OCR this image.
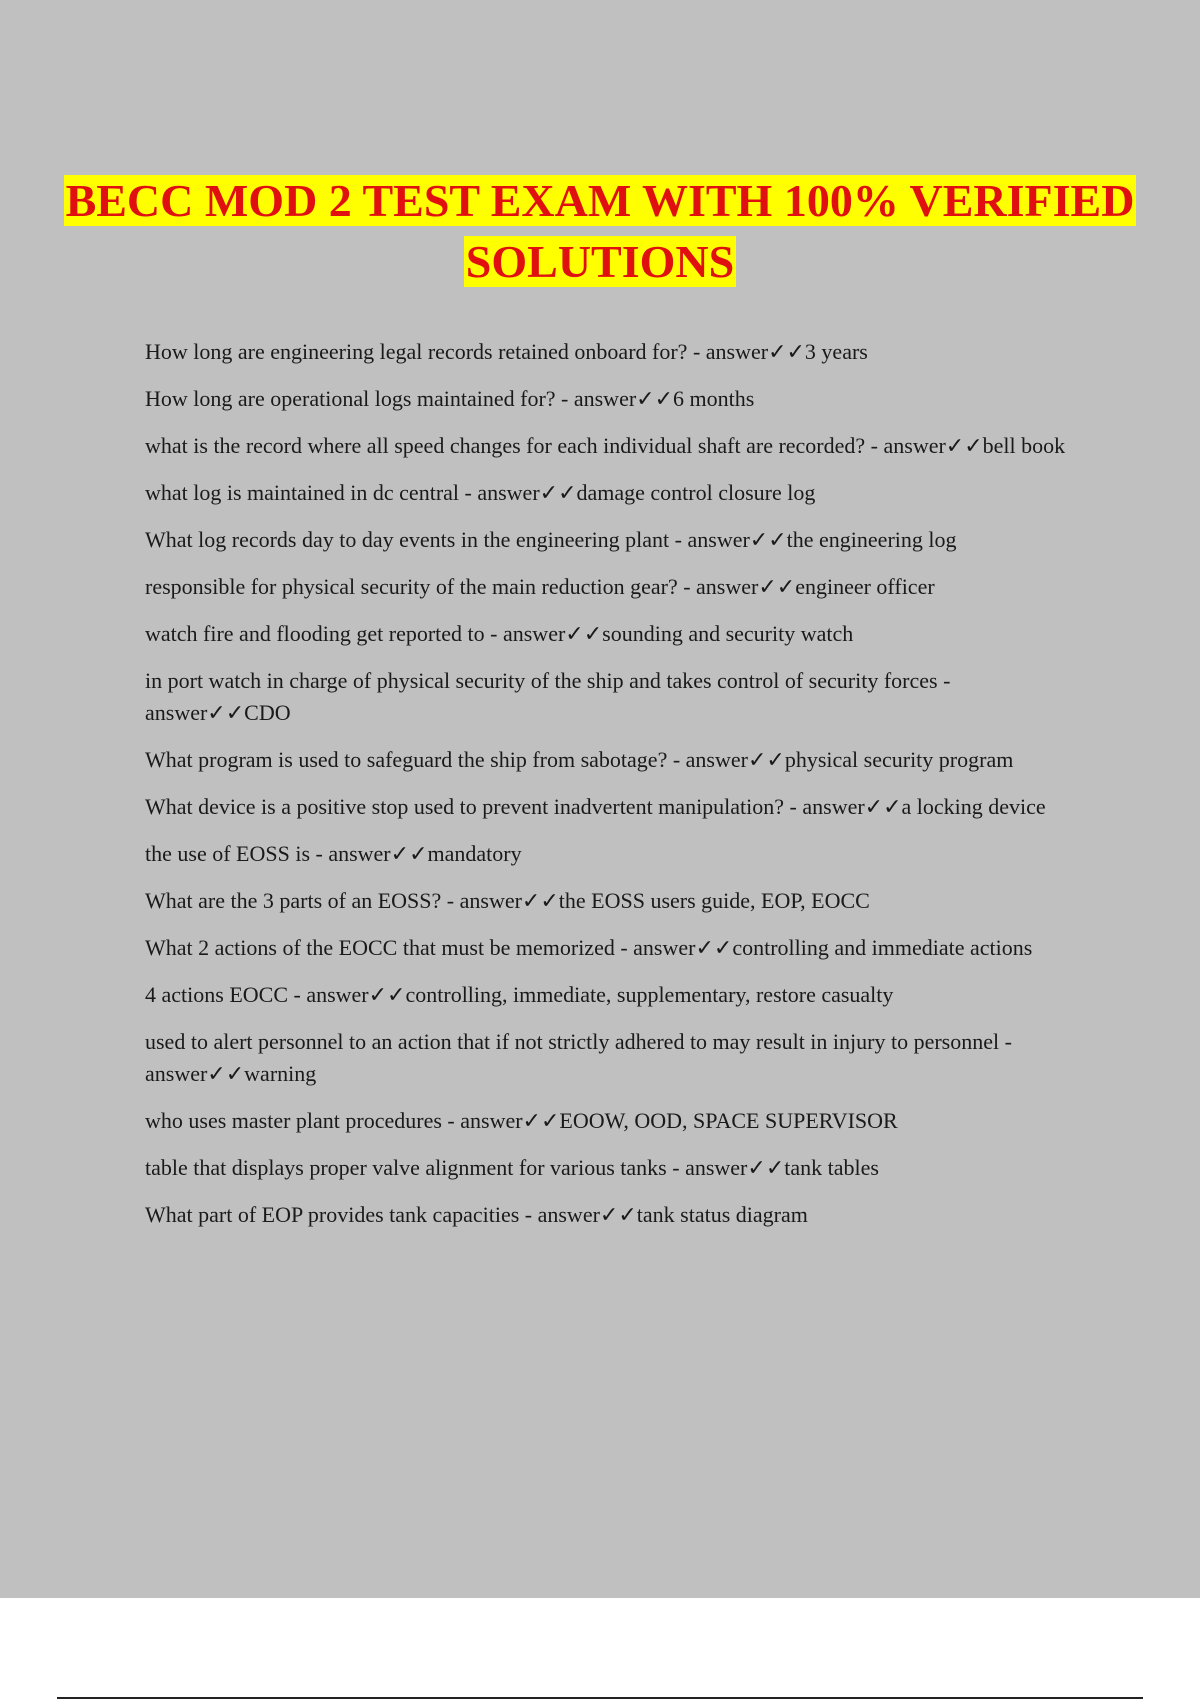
BECC MOD 2 TEST EXAM WITH 100% VERIFIED SOLUTIONS
How long are engineering legal records retained onboard for? - answer✓✓3 years
How long are operational logs maintained for? - answer✓✓6 months
what is the record where all speed changes for each individual shaft are recorded? - answer✓✓bell book
what log is maintained in dc central - answer✓✓damage control closure log
What log records day to day events in the engineering plant - answer✓✓the engineering log
responsible for physical security of the main reduction gear? - answer✓✓engineer officer
watch fire and flooding get reported to - answer✓✓sounding and security watch
in port watch in charge of physical security of the ship and takes control of security forces - answer✓✓CDO
What program is used to safeguard the ship from sabotage? - answer✓✓physical security program
What device is a positive stop used to prevent inadvertent manipulation? - answer✓✓a locking device
the use of EOSS is - answer✓✓mandatory
What are the 3 parts of an EOSS? - answer✓✓the EOSS users guide, EOP, EOCC
What 2 actions of the EOCC that must be memorized - answer✓✓controlling and immediate actions
4 actions EOCC - answer✓✓controlling, immediate, supplementary, restore casualty
used to alert personnel to an action that if not strictly adhered to may result in injury to personnel - answer✓✓warning
who uses master plant procedures - answer✓✓EOOW, OOD, SPACE SUPERVISOR
table that displays proper valve alignment for various tanks - answer✓✓tank tables
What part of EOP provides tank capacities - answer✓✓tank status diagram
